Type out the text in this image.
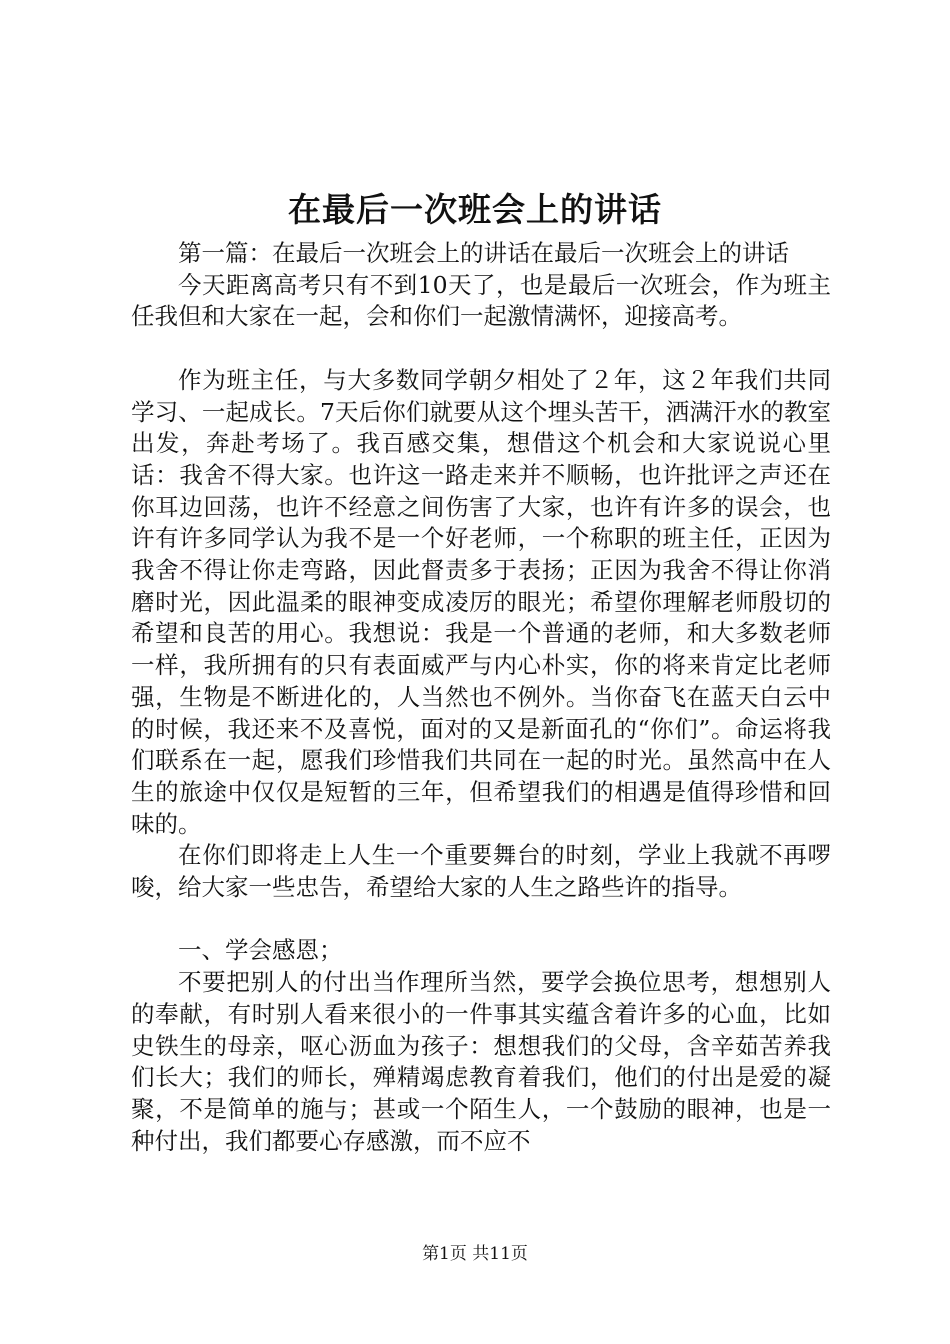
在最后一次班会上的讲话

第一篇：在最后一次班会上的讲话在最后一次班会上的讲话

今天距离高考只有不到10天了，也是最后一次班会，作为班主任我但和大家在一起，会和你们一起激情满怀，迎接高考。

作为班主任，与大多数同学朝夕相处了２年，这２年我们共同学习、一起成长。7天后你们就要从这个埋头苦干，洒满汗水的教室出发，奔赴考场了。我百感交集，想借这个机会和大家说说心里话：我舍不得大家。也许这一路走来并不顺畅，也许批评之声还在你耳边回荡，也许不经意之间伤害了大家，也许有许多的误会，也许有许多同学认为我不是一个好老师，一个称职的班主任，正因为我舍不得让你走弯路，因此督责多于表扬；正因为我舍不得让你消磨时光，因此温柔的眼神变成凌厉的眼光；希望你理解老师殷切的希望和良苦的用心。我想说：我是一个普通的老师，和大多数老师一样，我所拥有的只有表面威严与内心朴实，你的将来肯定比老师强，生物是不断进化的，人当然也不例外。当你奋飞在蓝天白云中的时候，我还来不及喜悦，面对的又是新面孔的“你们”。命运将我们联系在一起，愿我们珍惜我们共同在一起的时光。虽然高中在人生的旅途中仅仅是短暂的三年，但希望我们的相遇是值得珍惜和回味的。

在你们即将走上人生一个重要舞台的时刻，学业上我就不再啰唆，给大家一些忠告，希望给大家的人生之路些许的指导。

一、学会感恩；

不要把别人的付出当作理所当然，要学会换位思考，想想别人的奉献，有时别人看来很小的一件事其实蕴含着许多的心血，比如史铁生的母亲，呕心沥血为孩子：想想我们的父母，含辛茹苦养我们长大；我们的师长，殚精竭虑教育着我们，他们的付出是爱的凝聚，不是简单的施与；甚或一个陌生人，一个鼓励的眼神，也是一种付出，我们都要心存感激，而不应不

第1页 共11页
